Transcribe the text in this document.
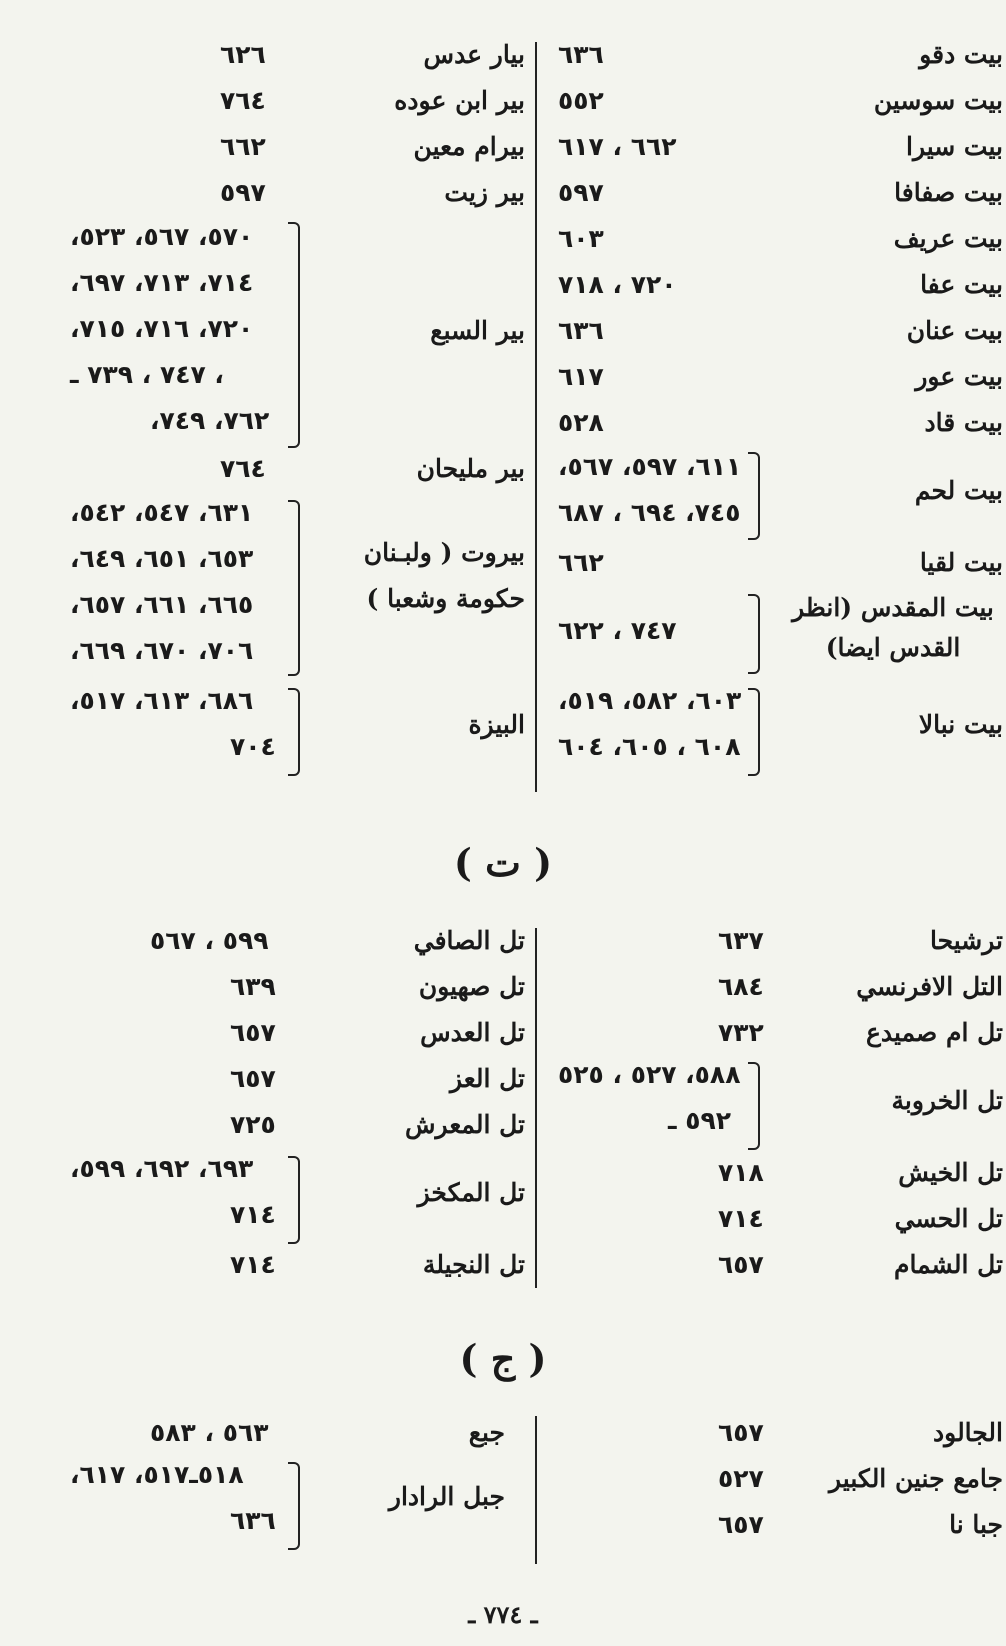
بيت دقو
٦٣٦
بيت سوسين
٥٥٢
بيت سيرا
٦٦٢ ، ٦١٧
بيت صفافا
٥٩٧
بيت عريف
٦٠٣
بيت عفا
٧٢٠ ، ٧١٨
بيت عنان
٦٣٦
بيت عور
٦١٧
بيت قاد
٥٢٨
بيت لحم
٦١١، ٥٩٧، ٥٦٧،
٧٤٥، ٦٩٤ ، ٦٨٧
بيت لقيا
٦٦٢
بيت المقدس (انظر القدس ايضا)
٧٤٧ ، ٦٢٢
بيت نبالا
٦٠٣، ٥٨٢، ٥١٩،
٦٠٨ ، ٦٠٥، ٦٠٤
بيار عدس
٦٢٦
بير ابن عوده
٧٦٤
بيرام معين
٦٦٢
بير زيت
٥٩٧
بير السبع
٥٧٠، ٥٦٧، ٥٢٣،
٧١٤، ٧١٣، ٦٩٧،
٧٢٠، ٧١٦، ٧١٥،
، ٧٤٧ ، ٧٣٩ ـ
٧٦٢، ٧٤٩،
بير مليحان
٧٦٤
بيروت ( ولبـنان حكومة وشعبا )
٦٣١، ٥٤٧، ٥٤٢،
٦٥٣، ٦٥١، ٦٤٩،
٦٦٥، ٦٦١، ٦٥٧،
٧٠٦، ٦٧٠، ٦٦٩،
البيزة
٦٨٦، ٦١٣، ٥١٧،
٧٠٤
( ت )
ترشيحا
٦٣٧
التل الافرنسي
٦٨٤
تل ام صميدع
٧٣٢
تل الخروبة
٥٨٨، ٥٢٧ ، ٥٢٥
٥٩٢ ـ
تل الخيش
٧١٨
تل الحسي
٧١٤
تل الشمام
٦٥٧
تل الصافي
٥٩٩ ، ٥٦٧
تل صهيون
٦٣٩
تل العدس
٦٥٧
تل العز
٦٥٧
تل المعرش
٧٢٥
تل المكخز
٦٩٣، ٦٩٢، ٥٩٩،
٧١٤
تل النجيلة
٧١٤
( ج )
الجالود
٦٥٧
جامع جنين الكبير
٥٢٧
جبا نا
٦٥٧
جبع
٥٦٣ ، ٥٨٣
جبل الرادار
٥١٨ـ٥١٧، ٦١٧،
٦٣٦
ـ ٧٧٤ ـ
